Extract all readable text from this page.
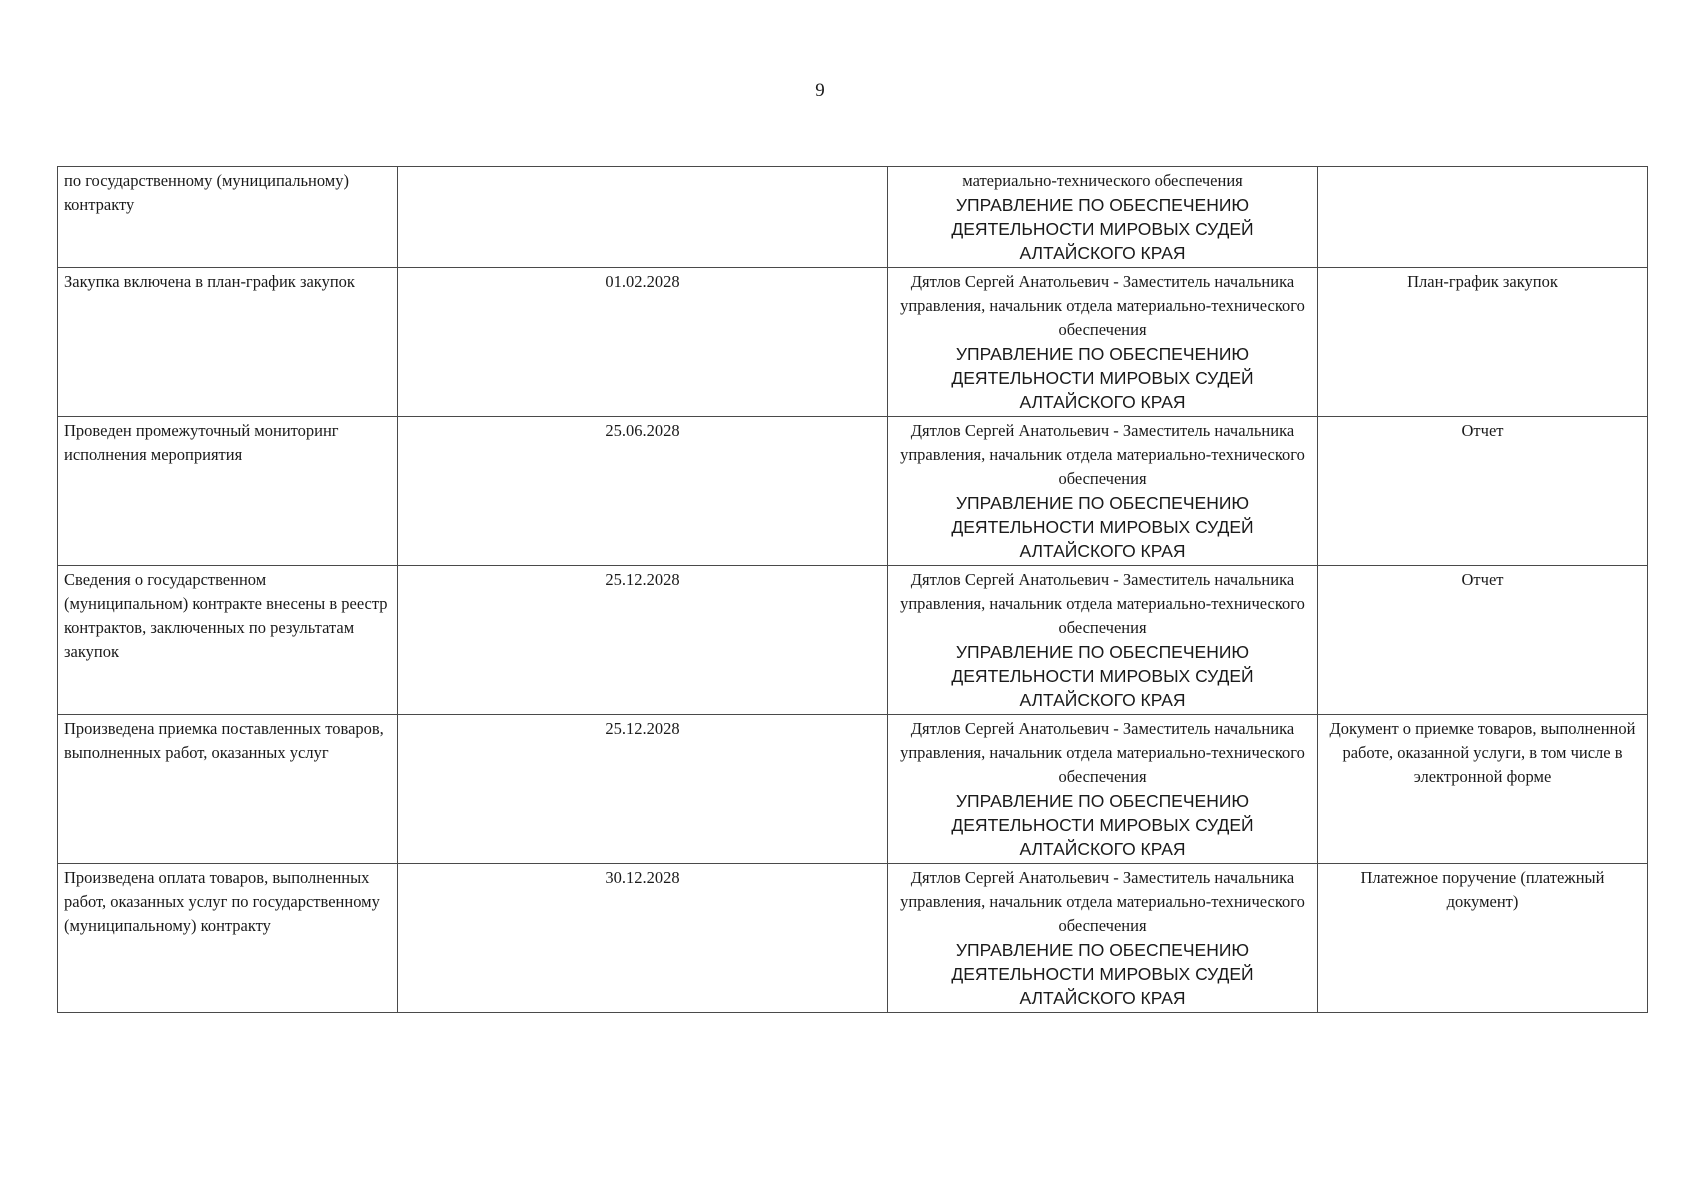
9
по государственному (муниципальному) контракту		материально-технического обеспечения
УПРАВЛЕНИЕ ПО ОБЕСПЕЧЕНИЮ ДЕЯТЕЛЬНОСТИ МИРОВЫХ СУДЕЙ АЛТАЙСКОГО КРАЯ	

Закупка включена в план-график закупок	01.02.2028	Дятлов Сергей Анатольевич - Заместитель начальника управления, начальник отдела материально-технического обеспечения
УПРАВЛЕНИЕ ПО ОБЕСПЕЧЕНИЮ ДЕЯТЕЛЬНОСТИ МИРОВЫХ СУДЕЙ АЛТАЙСКОГО КРАЯ	План-график закупок
Проведен промежуточный мониторинг исполнения мероприятия	25.06.2028	Дятлов Сергей Анатольевич - Заместитель начальника управления, начальник отдела материально-технического обеспечения
УПРАВЛЕНИЕ ПО ОБЕСПЕЧЕНИЮ ДЕЯТЕЛЬНОСТИ МИРОВЫХ СУДЕЙ АЛТАЙСКОГО КРАЯ	Отчет
Сведения о государственном (муниципальном) контракте внесены в реестр контрактов, заключенных по результатам закупок	25.12.2028	Дятлов Сергей Анатольевич - Заместитель начальника управления, начальник отдела материально-технического обеспечения
УПРАВЛЕНИЕ ПО ОБЕСПЕЧЕНИЮ ДЕЯТЕЛЬНОСТИ МИРОВЫХ СУДЕЙ АЛТАЙСКОГО КРАЯ	Отчет
Произведена приемка поставленных товаров, выполненных работ, оказанных услуг	25.12.2028	Дятлов Сергей Анатольевич - Заместитель начальника управления, начальник отдела материально-технического обеспечения
УПРАВЛЕНИЕ ПО ОБЕСПЕЧЕНИЮ ДЕЯТЕЛЬНОСТИ МИРОВЫХ СУДЕЙ АЛТАЙСКОГО КРАЯ	Документ о приемке товаров, выполненной работе, оказанной услуги, в том числе в электронной форме
Произведена оплата товаров, выполненных работ, оказанных услуг по государственному (муниципальному) контракту	30.12.2028	Дятлов Сергей Анатольевич - Заместитель начальника управления, начальник отдела материально-технического обеспечения
УПРАВЛЕНИЕ ПО ОБЕСПЕЧЕНИЮ ДЕЯТЕЛЬНОСТИ МИРОВЫХ СУДЕЙ АЛТАЙСКОГО КРАЯ	Платежное поручение (платежный документ)
